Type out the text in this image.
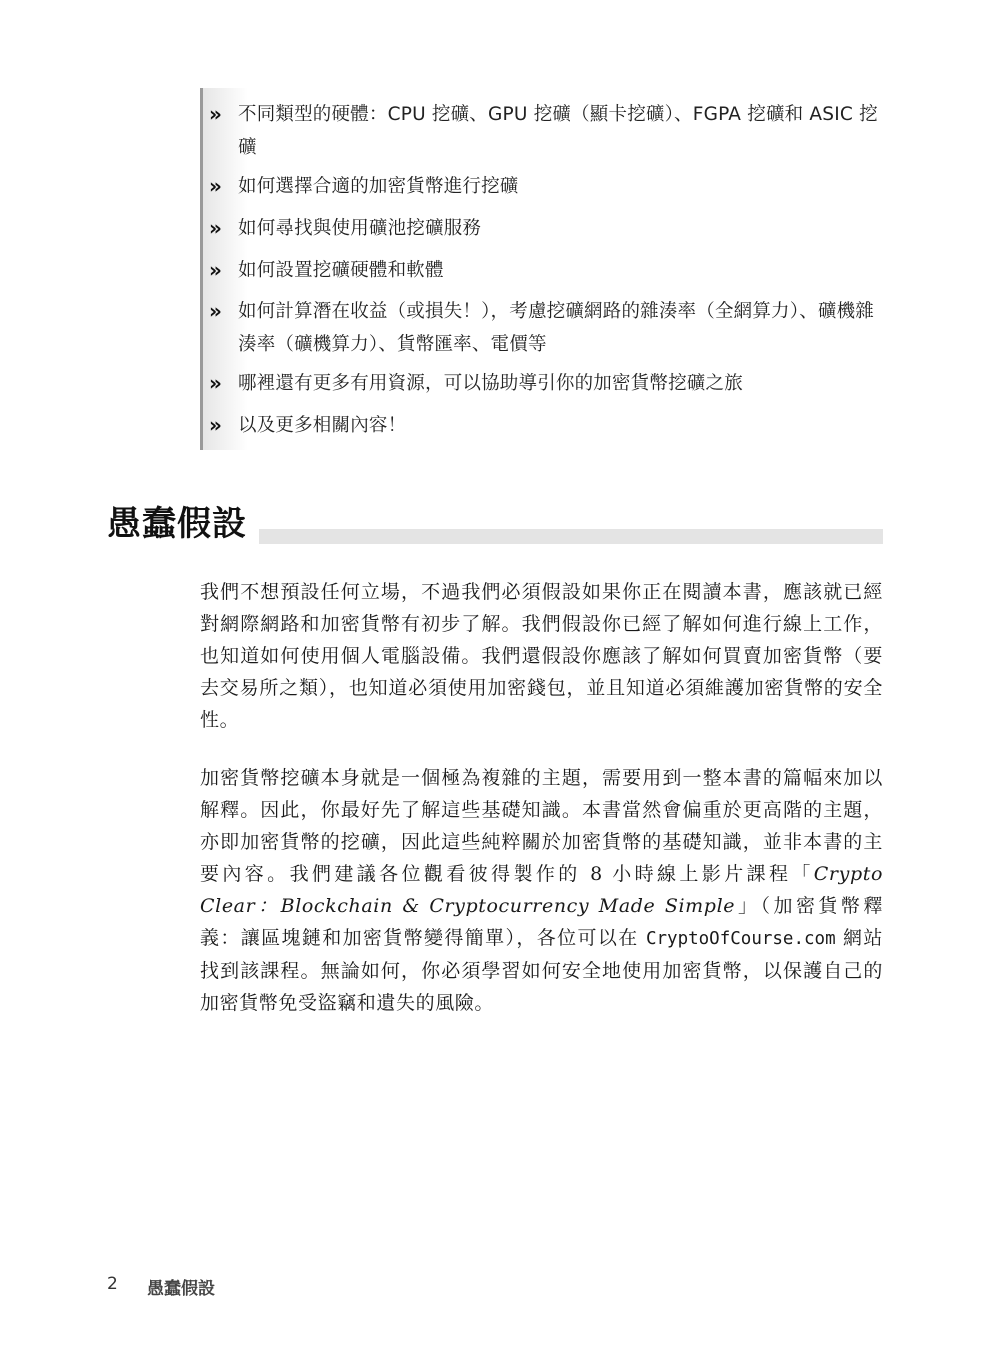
»	不同類型的硬體：CPU 挖礦、GPU 挖礦（顯卡挖礦）、FGPA 挖礦和 ASIC 挖礦
»	如何選擇合適的加密貨幣進行挖礦
»	如何尋找與使用礦池挖礦服務
»	如何設置挖礦硬體和軟體
»	如何計算潛在收益（或損失！），考慮挖礦網路的雜湊率（全網算力）、礦機雜湊率（礦機算力）、貨幣匯率、電價等
»	哪裡還有更多有用資源，可以協助導引你的加密貨幣挖礦之旅
»	以及更多相關內容！
愚蠢假設

我們不想預設任何立場，不過我們必須假設如果你正在閱讀本書，應該就已經對網際網路和加密貨幣有初步了解。我們假設你已經了解如何進行線上工作，也知道如何使用個人電腦設備。我們還假設你應該了解如何買賣加密貨幣（要去交易所之類），也知道必須使用加密錢包，並且知道必須維護加密貨幣的安全性。

加密貨幣挖礦本身就是一個極為複雜的主題，需要用到一整本書的篇幅來加以解釋。因此，你最好先了解這些基礎知識。本書當然會偏重於更高階的主題，亦即加密貨幣的挖礦，因此這些純粹關於加密貨幣的基礎知識，並非本書的主要內容。我們建議各位觀看彼得製作的 8 小時線上影片課程「Crypto Clear：Blockchain & Cryptocurrency Made Simple」（加密貨幣釋義：讓區塊鏈和加密貨幣變得簡單），各位可以在 CryptoOfCourse.com 網站找到該課程。無論如何，你必須學習如何安全地使用加密貨幣，以保護自己的加密貨幣免受盜竊和遺失的風險。

2 愚蠢假設
